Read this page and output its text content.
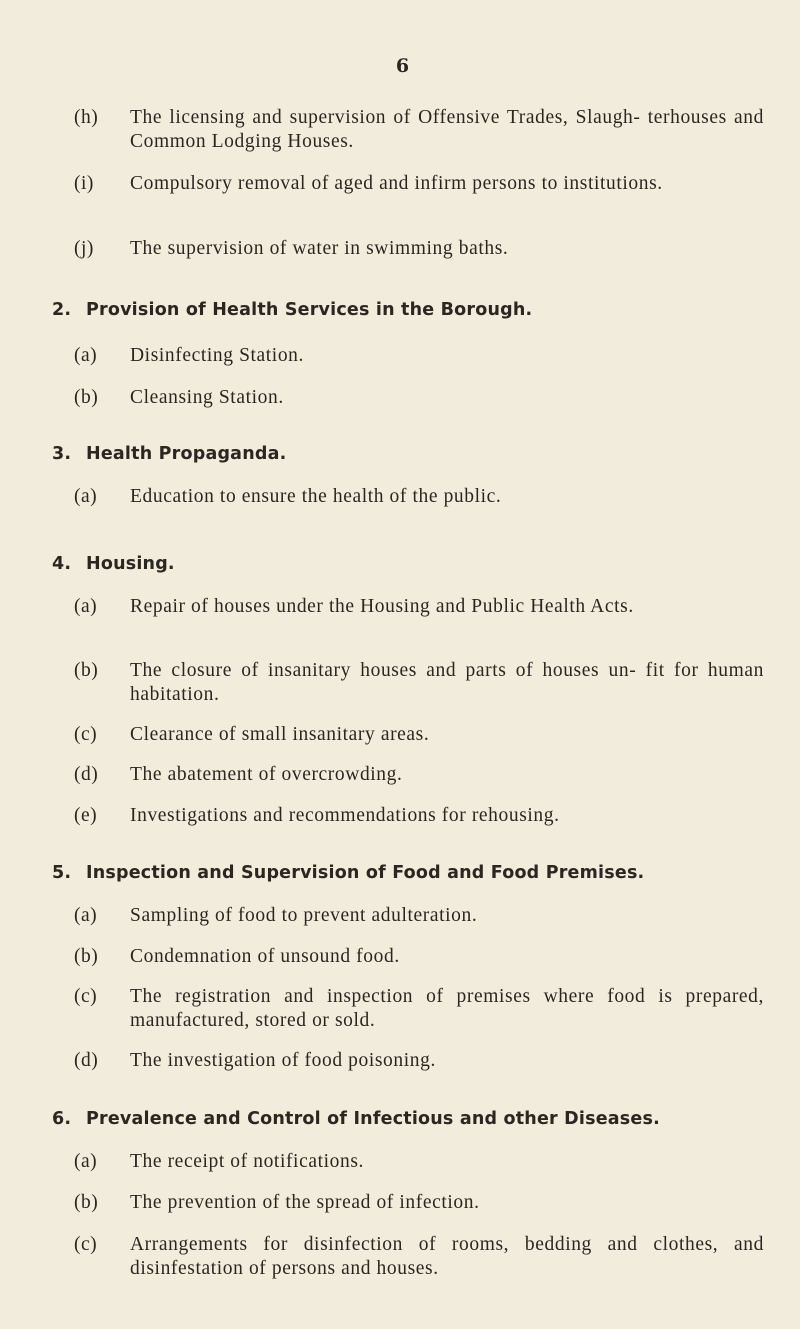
6
(h)	The licensing and supervision of Offensive Trades, Slaugh- terhouses and Common Lodging Houses.
(i)	Compulsory removal of aged and infirm persons to institutions.
(j)	The supervision of water in swimming baths.
2. Provision of Health Services in the Borough.
(a)	Disinfecting Station.
(b)	Cleansing Station.
3. Health Propaganda.
(a)	Education to ensure the health of the public.
4. Housing.
(a)	Repair of houses under the Housing and Public Health Acts.
(b)	The closure of insanitary houses and parts of houses un- fit for human habitation.
(c)	Clearance of small insanitary areas.
(d)	The abatement of overcrowding.
(e)	Investigations and recommendations for rehousing.
5. Inspection and Supervision of Food and Food Premises.
(a)	Sampling of food to prevent adulteration.
(b)	Condemnation of unsound food.
(c)	The registration and inspection of premises where food is prepared, manufactured, stored or sold.
(d)	The investigation of food poisoning.
6. Prevalence and Control of Infectious and other Diseases.
(a)	The receipt of notifications.
(b)	The prevention of the spread of infection.
(c)	Arrangements for disinfection of rooms, bedding and clothes, and disinfestation of persons and houses.
